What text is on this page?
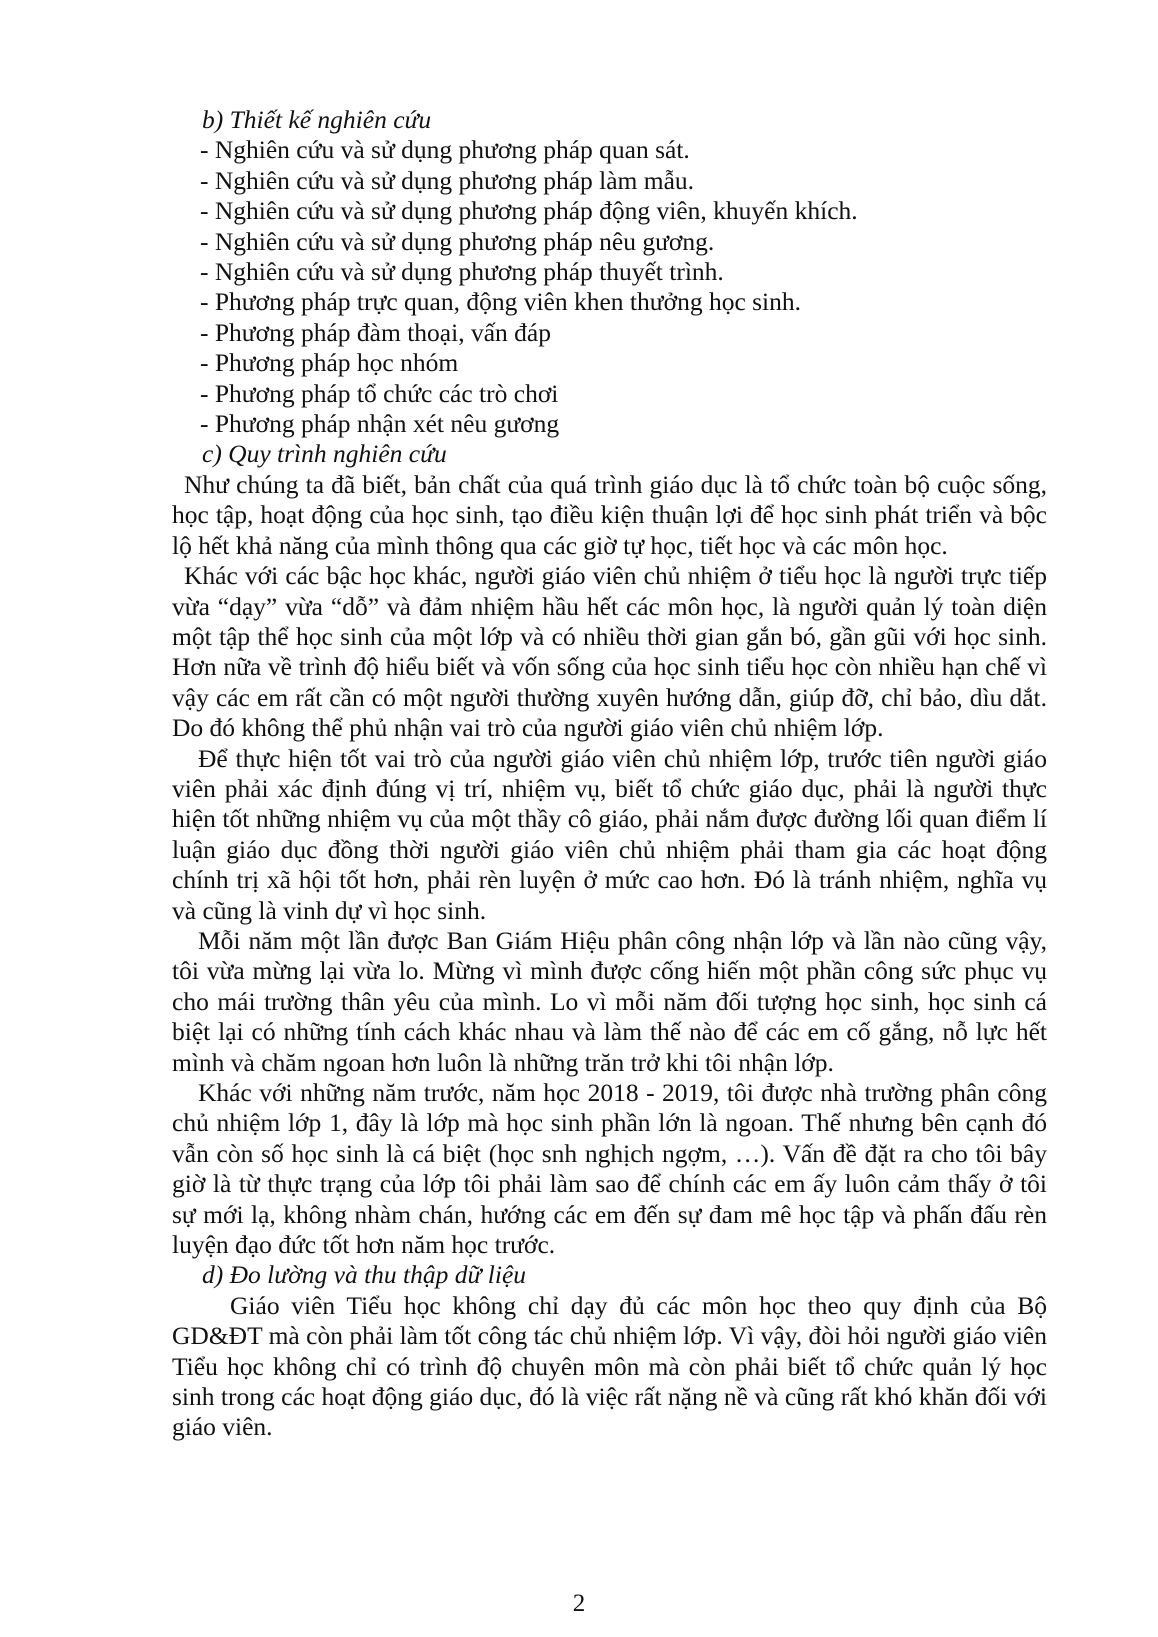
b) Thiết kế nghiên cứu

- Nghiên cứu và sử dụng phương pháp quan sát.

- Nghiên cứu và sử dụng phương pháp làm mẫu.

- Nghiên cứu và sử dụng phương pháp động viên, khuyến khích.

- Nghiên cứu và sử dụng phương pháp nêu gương.

- Nghiên cứu và sử dụng phương pháp thuyết trình.

- Phương pháp trực quan, động viên khen thưởng học sinh.

- Phương pháp đàm thoại, vấn đáp

- Phương pháp học nhóm

- Phương pháp tổ chức các trò chơi

- Phương pháp nhận xét nêu gương

c) Quy trình nghiên cứu

Như chúng ta đã biết, bản chất của quá trình giáo dục là tổ chức toàn bộ cuộc sống, học tập, hoạt động của học sinh, tạo điều kiện thuận lợi để học sinh phát triển và bộc lộ hết khả năng của mình thông qua các giờ tự học, tiết học và các môn học.

Khác với các bậc học khác, người giáo viên chủ nhiệm ở tiểu học là người trực tiếp vừa “dạy” vừa “dỗ” và đảm nhiệm hầu hết các môn học, là người quản lý toàn diện một tập thể học sinh của một lớp và có nhiều thời gian gắn bó, gần gũi với học sinh. Hơn nữa về trình độ hiểu biết và vốn sống của học sinh tiểu học còn nhiều hạn chế vì vậy các em rất cần có một người thường xuyên hướng dẫn, giúp đỡ, chỉ bảo, dìu dắt. Do đó không thể phủ nhận vai trò của người giáo viên chủ nhiệm lớp.

Để thực hiện tốt vai trò của người giáo viên chủ nhiệm lớp, trước tiên người giáo viên phải xác định đúng vị trí, nhiệm vụ, biết tổ chức giáo dục, phải là người thực hiện tốt những nhiệm vụ của một thầy cô giáo, phải nắm được đường lối quan điểm lí luận giáo dục đồng thời người giáo viên chủ nhiệm phải tham gia các hoạt động chính trị xã hội tốt hơn, phải rèn luyện ở mức cao hơn. Đó là tránh nhiệm, nghĩa vụ và cũng là vinh dự vì học sinh.

Mỗi năm một lần được Ban Giám Hiệu phân công nhận lớp và lần nào cũng vậy, tôi vừa mừng lại vừa lo. Mừng vì mình được cống hiến một phần công sức phục vụ cho mái trường thân yêu của mình. Lo vì mỗi năm đối tượng học sinh, học sinh cá biệt lại có những tính cách khác nhau và làm thế nào để các em cố gắng, nỗ lực hết mình và chăm ngoan hơn luôn là những trăn trở khi tôi nhận lớp.

Khác với những năm trước, năm học 2018 - 2019, tôi được nhà trường phân công chủ nhiệm lớp 1, đây là lớp mà học sinh phần lớn là ngoan. Thế nhưng bên cạnh đó vẫn còn số học sinh là cá biệt (học snh nghịch ngợm, …). Vấn đề đặt ra cho tôi bây giờ là từ thực trạng của lớp tôi phải làm sao để chính các em ấy luôn cảm thấy ở tôi sự mới lạ, không nhàm chán, hướng các em đến sự đam mê học tập và phấn đấu rèn luyện đạo đức tốt hơn năm học trước.

d) Đo lường và thu thập dữ liệu

Giáo viên Tiểu học không chỉ dạy đủ các môn học theo quy định của Bộ GD&ĐT mà còn phải làm tốt công tác chủ nhiệm lớp. Vì vậy, đòi hỏi người giáo viên Tiểu học không chỉ có trình độ chuyên môn mà còn phải biết tổ chức quản lý học sinh trong các hoạt động giáo dục, đó là việc rất nặng nề và cũng rất khó khăn đối với giáo viên.

2
